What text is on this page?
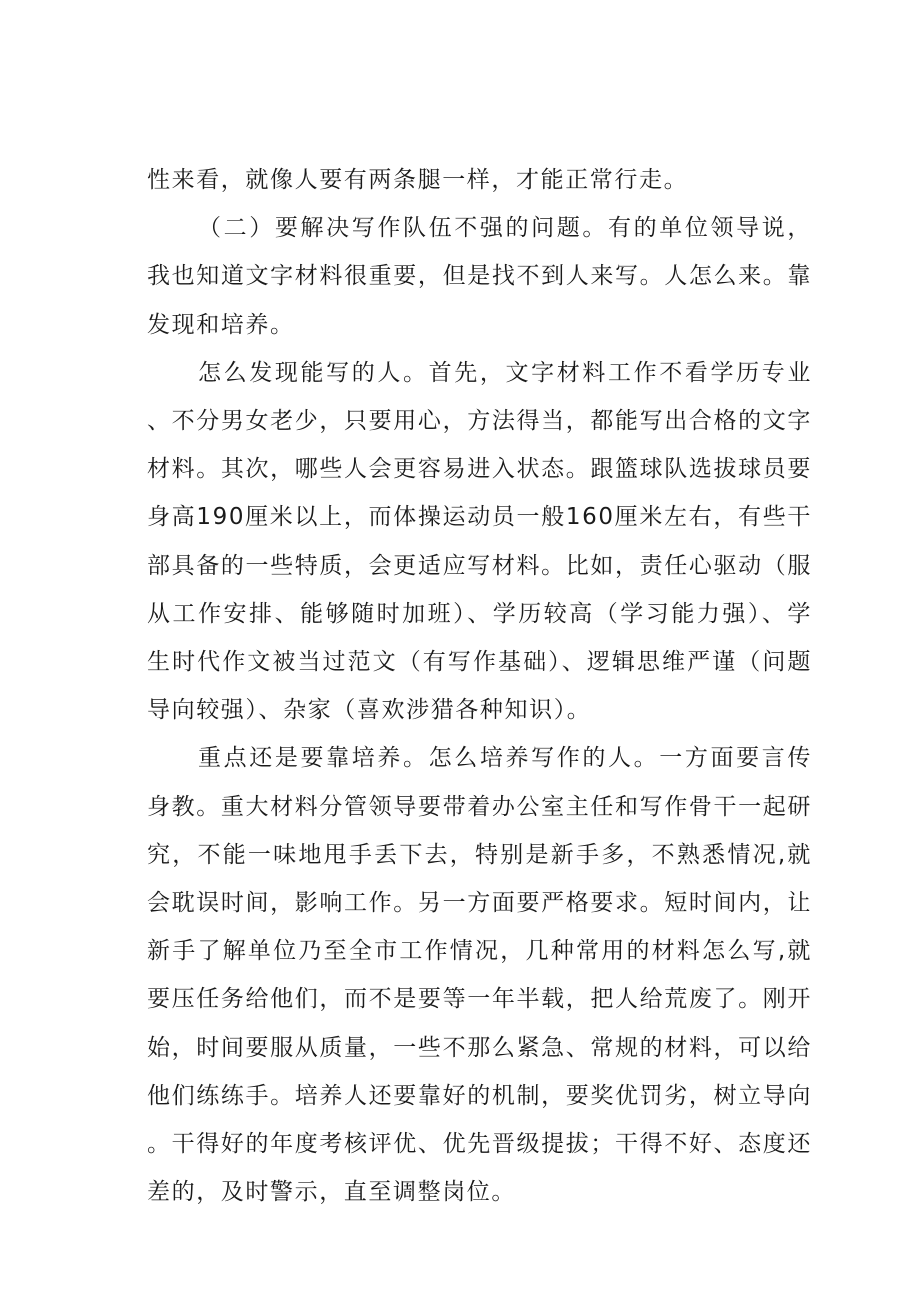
性来看，就像人要有两条腿一样，才能正常行走。

（二）要解决写作队伍不强的问题。有的单位领导说，我也知道文字材料很重要，但是找不到人来写。人怎么来。靠发现和培养。

怎么发现能写的人。首先，文字材料工作不看学历专业、不分男女老少，只要用心，方法得当，都能写出合格的文字材料。其次，哪些人会更容易进入状态。跟篮球队选拔球员要身高190厘米以上，而体操运动员一般160厘米左右，有些干部具备的一些特质，会更适应写材料。比如，责任心驱动（服从工作安排、能够随时加班）、学历较高（学习能力强）、学生时代作文被当过范文（有写作基础）、逻辑思维严谨（问题导向较强）、杂家（喜欢涉猎各种知识）。

重点还是要靠培养。怎么培养写作的人。一方面要言传身教。重大材料分管领导要带着办公室主任和写作骨干一起研究，不能一味地甩手丢下去，特别是新手多，不熟悉情况,就会耽误时间，影响工作。另一方面要严格要求。短时间内，让新手了解单位乃至全市工作情况，几种常用的材料怎么写,就要压任务给他们，而不是要等一年半载，把人给荒废了。刚开始，时间要服从质量，一些不那么紧急、常规的材料，可以给他们练练手。培养人还要靠好的机制，要奖优罚劣，树立导向。干得好的年度考核评优、优先晋级提拔；干得不好、态度还差的，及时警示，直至调整岗位。
